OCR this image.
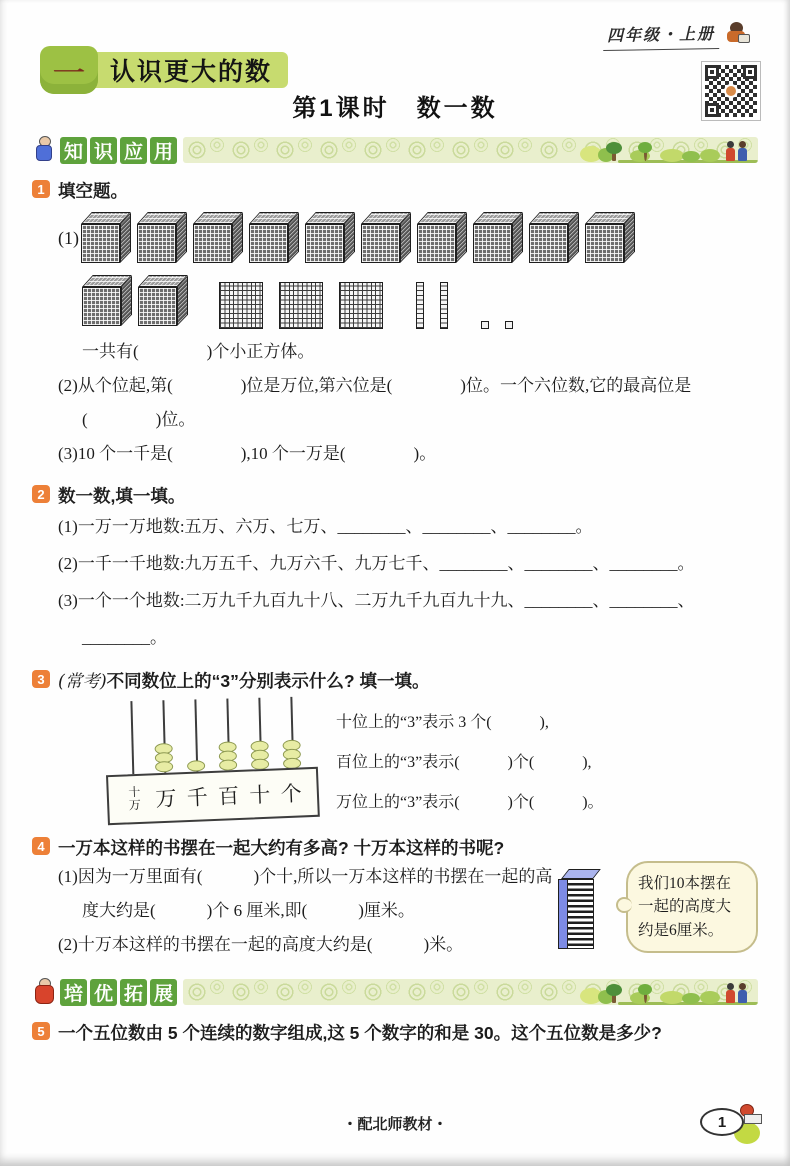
四年级・上册
一	认识更大的数
第1课时　数一数
知 识 应 用
1 填空题。
(1)
一共有(　　　　)个小正方体。
(2)从个位起,第(　　　　)位是万位,第六位是(　　　　)位。一个六位数,它的最高位是
(　　　　)位。
(3)10 个一千是(　　　　),10 个一万是(　　　　)。
2 数一数,填一填。
(1)一万一万地数:五万、六万、七万、________、________、________。
(2)一千一千地数:九万五千、九万六千、九万七千、________、________、________。
(3)一个一个地数:二万九千九百九十八、二万九千九百九十九、________、________、
________。
3 (常考)不同数位上的“3”分别表示什么? 填一填。
十
万 万 千 百 十 个
十位上的“3”表示 3 个(　　　),
百位上的“3”表示(　　　)个(　　　),
万位上的“3”表示(　　　)个(　　　)。
4 一万本这样的书摆在一起大约有多高? 十万本这样的书呢?
(1)因为一万里面有(　　　)个十,所以一万本这样的书摆在一起的高
度大约是(　　　)个 6 厘米,即(　　　)厘米。
(2)十万本这样的书摆在一起的高度大约是(　　　)米。
我们10本摆在一起的高度大约是6厘米。
培 优 拓 展
5 一个五位数由 5 个连续的数字组成,这 5 个数字的和是 30。这个五位数是多少?
・配北师教材・	1
